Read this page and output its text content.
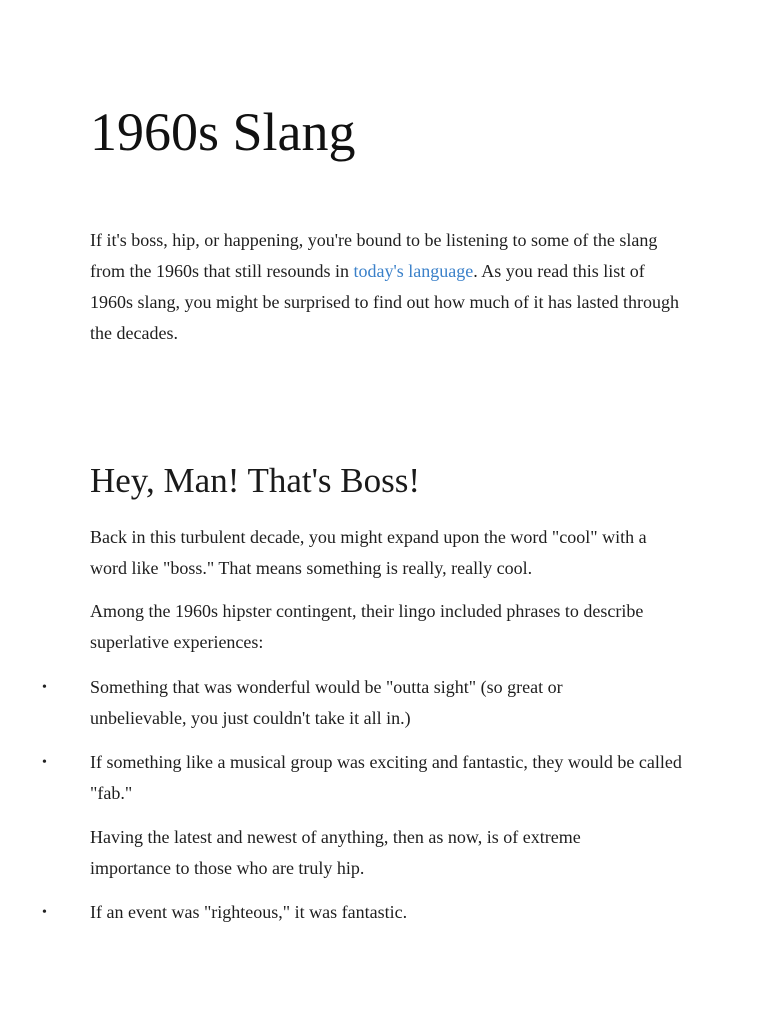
1960s Slang

If it's boss, hip, or happening, you're bound to be listening to some of the slang from the 1960s that still resounds in today's language. As you read this list of 1960s slang, you might be surprised to find out how much of it has lasted through the decades.

Hey, Man! That's Boss!

Back in this turbulent decade, you might expand upon the word "cool" with a word like "boss." That means something is really, really cool.

Among the 1960s hipster contingent, their lingo included phrases to describe superlative experiences:

• Something that was wonderful would be "outta sight" (so great or unbelievable, you just couldn't take it all in.)

• If something like a musical group was exciting and fantastic, they would be called "fab."

Having the latest and newest of anything, then as now, is of extreme importance to those who are truly hip.

• If an event was "righteous," it was fantastic.
